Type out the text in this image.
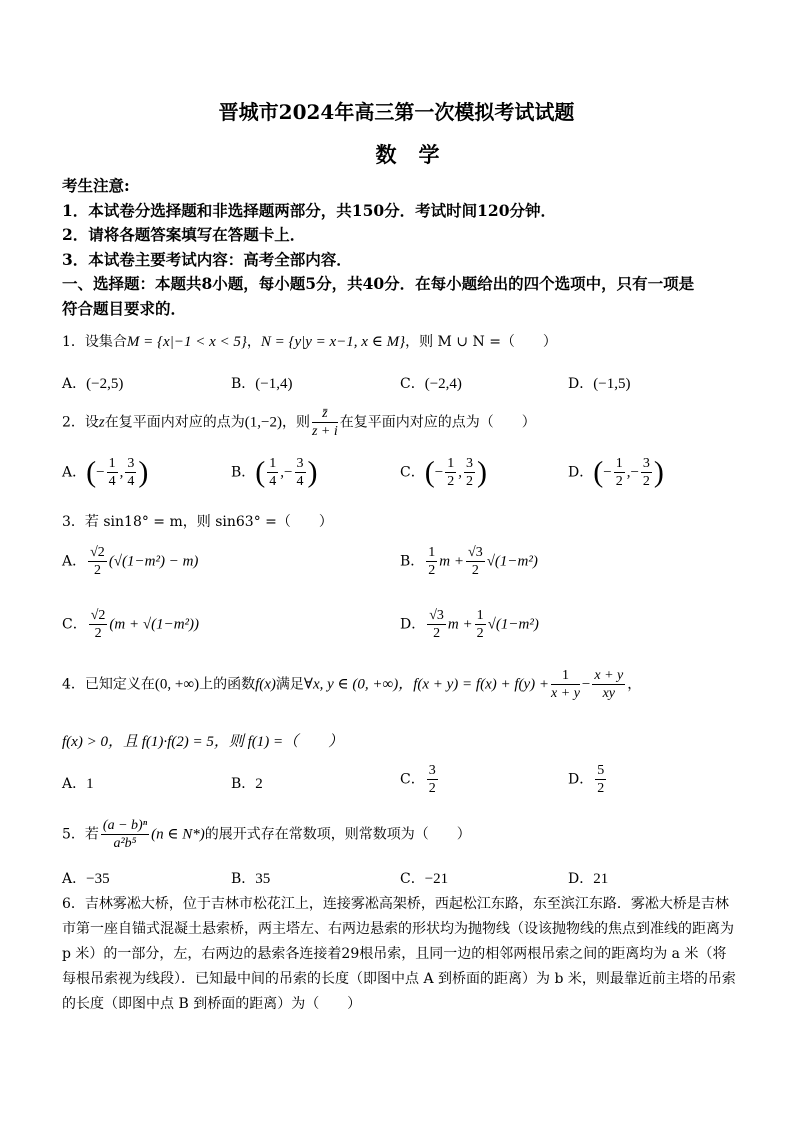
晋城市2024年高三第一次模拟考试试题
数学
考生注意:
1．本试卷分选择题和非选择题两部分，共150分．考试时间120分钟．
2．请将各题答案填写在答题卡上．
3．本试卷主要考试内容：高考全部内容．
一、选择题：本题共8小题，每小题5分，共40分．在每小题给出的四个选项中，只有一项是
符合题目要求的．
1．设集合M = {x|−1 < x < 5}，N = {y|y = x−1, x ∈ M}，则 M ∪ N =（　　）
A．(−2,5)	B．(−1,4)	C．(−2,4)	D．(−1,5)
2．设z在复平面内对应的点为(1,−2)，则 $\frac{z̄}{z + i}$ 在复平面内对应的点为（　　）
A．(− $\frac{1}{4}$ , $\frac{3}{4}$ )	B．( $\frac{1}{4}$ ,− $\frac{3}{4}$ )	C．(− $\frac{1}{2}$ , $\frac{3}{2}$ )	D．(− $\frac{1}{2}$ ,− $\frac{3}{2}$ )
3．若 sin18° = m，则 sin63° =（　　）
A． $\frac{√2}{2} (√(1-m^2) - m)$	B． $\frac{1}{2}$ $m + \frac{√3}{2} √(1-m^2)$
C． $\frac{√2}{2} (m + √(1-m^2))$	D． $\frac{√3}{2}$ $m + \frac{1}{2} √(1-m^2)$
4．已知定义在(0, +∞)上的函数f(x)满足∀x, y ∈ (0, +∞)，$f(x + y) = f(x) + f(y) + \frac{1}{x + y} - \frac{x + y}{xy}$ ，
f(x) > 0，且 f(1)·f(2) = 5，则 f(1) =（　　）
A．1	B．2	C． $\frac{3}{2}$	D． $\frac{5}{2}$
5．若 $\frac{\text{(a − b)ⁿ}}{\text{a²b⁵}} (n$ ∈ N*)的展开式存在常数项，则常数项为（　　）
A．−35	B．35	C．−21	D．21
6．吉林雾凇大桥，位于吉林市松花江上，连接雾凇高架桥，西起松江东路，东至滨江东路．雾凇大桥是吉林
市第一座自锚式混凝土悬索桥，两主塔左、右两边悬索的形状均为抛物线（设该抛物线的焦点到准线的距离为
p 米）的一部分，左，右两边的悬索各连接着29根吊索，且同一边的相邻两根吊索之间的距离均为 a 米（将
每根吊索视为线段）．已知最中间的吊索的长度（即图中点 A 到桥面的距离）为 b 米，则最靠近前主塔的吊索
的长度（即图中点 B 到桥面的距离）为（　　）
